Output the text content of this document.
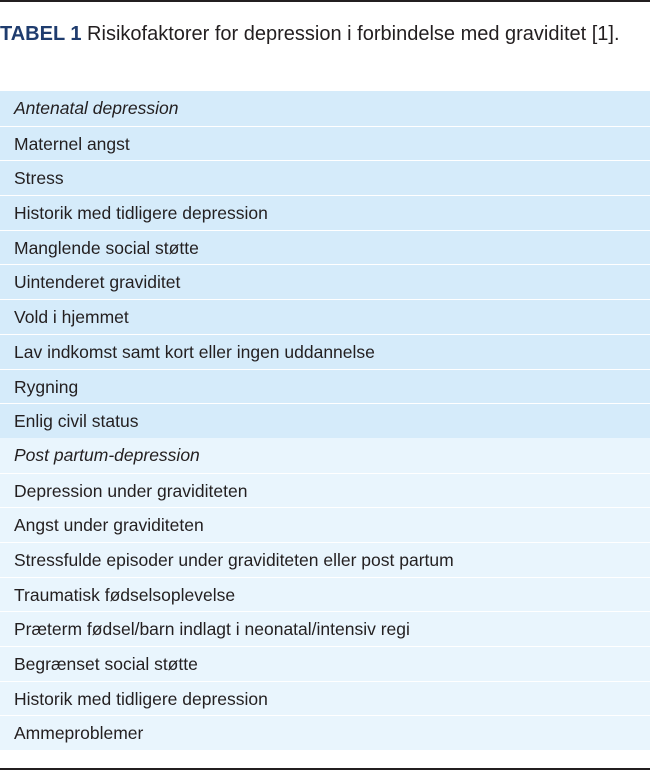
TABEL 1 Risikofaktorer for depression i forbindelse med graviditet [1].
Antenatal depression
Maternel angst
Stress
Historik med tidligere depression
Manglende social støtte
Uintenderet graviditet
Vold i hjemmet
Lav indkomst samt kort eller ingen uddannelse
Rygning
Enlig civil status
Post partum-depression
Depression under graviditeten
Angst under graviditeten
Stressfulde episoder under graviditeten eller post partum
Traumatisk fødselsoplevelse
Præterm fødsel/barn indlagt i neonatal/intensiv regi
Begrænset social støtte
Historik med tidligere depression
Ammeproblemer
